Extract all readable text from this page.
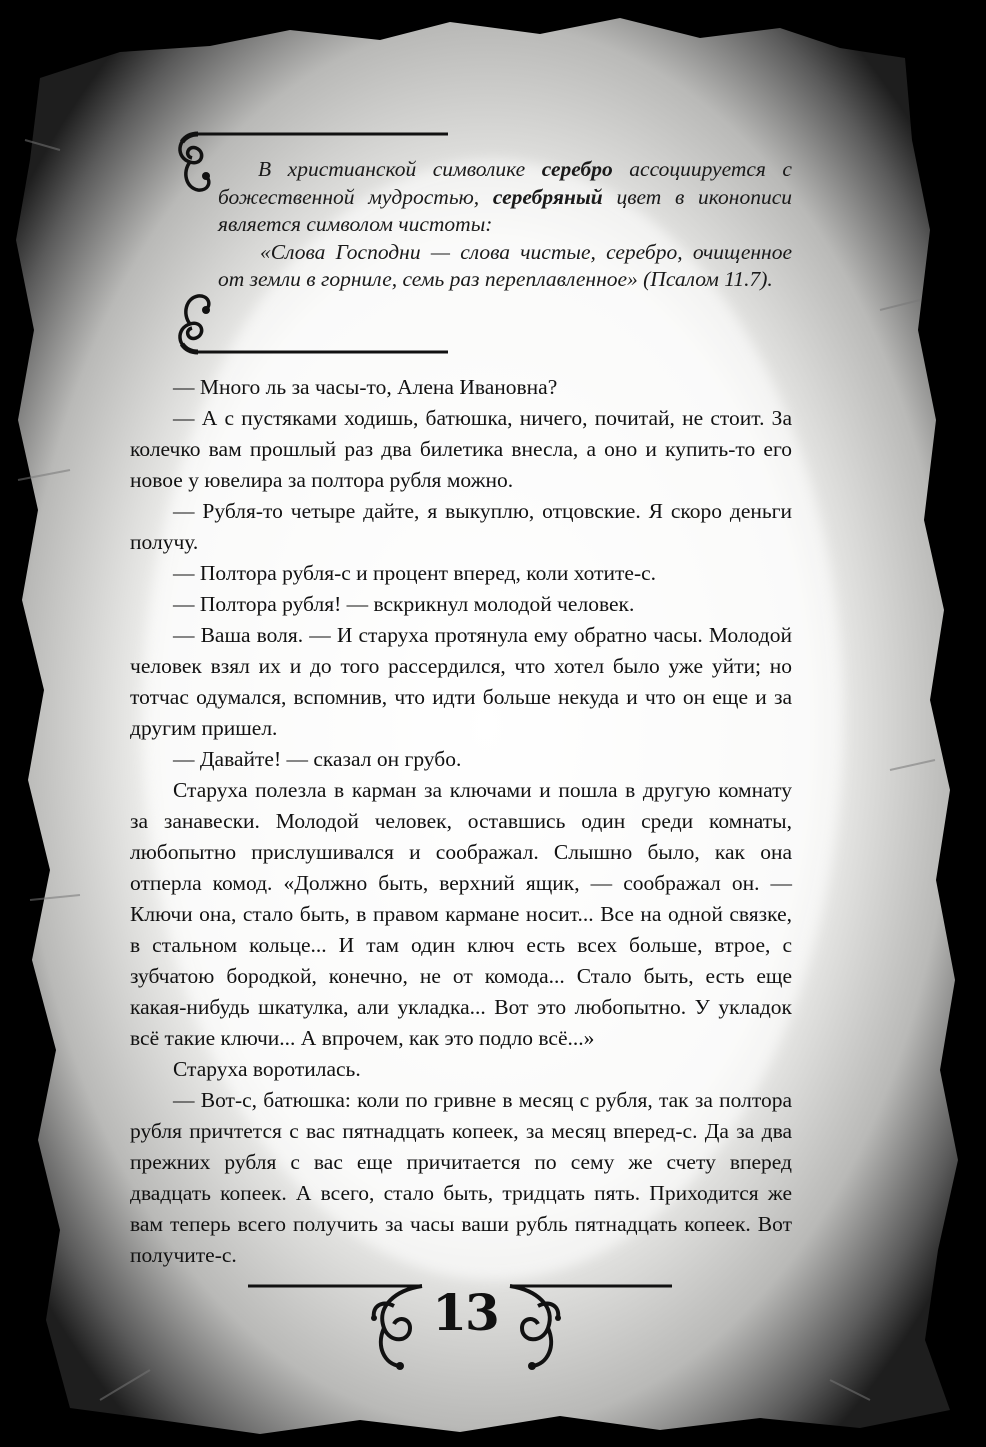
В христианской символике серебро ассоциируется с божественной мудростью, серебряный цвет в иконописи является символом чистоты:

«Слова Господни — слова чистые, серебро, очищенное от земли в горниле, семь раз переплавленное» (Псалом 11.7).

— Много ль за часы-то, Алена Ивановна?

— А с пустяками ходишь, батюшка, ничего, почитай, не стоит. За колечко вам прошлый раз два билетика внесла, а оно и купить-то его новое у ювелира за полтора рубля можно.

— Рубля-то четыре дайте, я выкуплю, отцовские. Я скоро деньги получу.

— Полтора рубля-с и процент вперед, коли хотите-с.

— Полтора рубля! — вскрикнул молодой человек.

— Ваша воля. — И старуха протянула ему обратно часы. Молодой человек взял их и до того рассердился, что хотел было уже уйти; но тотчас одумался, вспомнив, что идти больше некуда и что он еще и за другим пришел.

— Давайте! — сказал он грубо.

Старуха полезла в карман за ключами и пошла в другую комнату за занавески. Молодой человек, оставшись один среди комнаты, любопытно прислушивался и соображал. Слышно было, как она отперла комод. «Должно быть, верхний ящик, — соображал он. — Ключи она, стало быть, в правом кармане носит... Все на одной связке, в стальном кольце... И там один ключ есть всех больше, втрое, с зубчатою бородкой, конечно, не от комода... Стало быть, есть еще какая-нибудь шкатулка, али укладка... Вот это любопытно. У укладок всё такие ключи... А впрочем, как это подло всё...»

Старуха воротилась.

— Вот-с, батюшка: коли по гривне в месяц с рубля, так за полтора рубля причтется с вас пятнадцать копеек, за месяц вперед-с. Да за два прежних рубля с вас еще причитается по сему же счету вперед двадцать копеек. А всего, стало быть, тридцать пять. Приходится же вам теперь всего получить за часы ваши рубль пятнадцать копеек. Вот получите-с.

13
